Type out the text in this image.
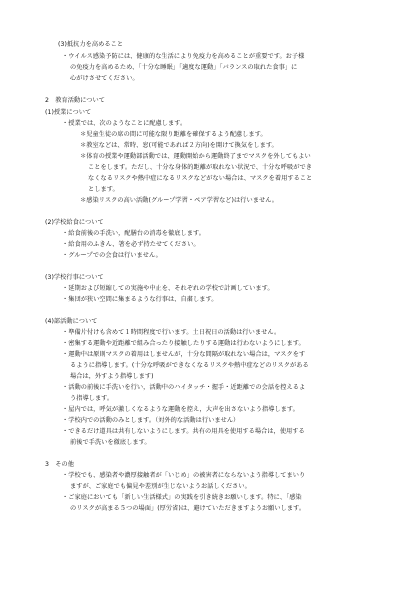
(3)抵抗力を高めること
・ウイルス感染予防には、健康的な生活により免疫力を高めることが重要です。お子様
の免疫力を高めるため、「十分な睡眠」「適度な運動」「バランスの取れた食事」に
心がけさせてください。
2　教育活動について
(1)授業について
・授業では、次のようなことに配慮します。
＊児童生徒の席の間に可能な限り距離を確保するよう配慮します。
＊教室などは、常時、窓(可能であれば２方向)を開けて換気をします。
＊体育の授業や運動部活動では、運動開始から運動終了までマスクを外してもよい
ことをします。ただし、十分な身体的距離が取れない状況で、十分な呼吸ができ
なくなるリスクや熱中症になるリスクなどがない場合は、マスクを着用すること
とします。
＊感染リスクの高い活動(グループ学習・ペア学習など)は行いません。
(2)学校給食について
・給食前後の手洗い，配膳台の消毒を徹底します。
・給食用のふきん、箸を必ず持たせてください。
・グループでの会食は行いません。
(3)学校行事について
・延期および短縮しての実施や中止を、それぞれの学校で計画しています。
・集団が狭い空間に集まるような行事は、自粛します。
(4)部活動について
・準備片付けも含めて１時間程度で行います。土日祝日の活動は行いません。
・密集する運動や近距離で組み合ったり接触したりする運動は行わないようにします。
・運動中は原則マスクの着用はしませんが，十分な間隔が取れない場合は，マスクをす
るように指導します。(十分な呼吸ができなくなるリスクや熱中症などのリスクがある
場合は，外すよう指導します)
・活動の前後に手洗いを行い，活動中のハイタッチ・握手・近距離での会話を控えるよ
う指導します。
・屋内では，呼気が激しくなるような運動を控え，大声を出さないよう指導します。
・学校内での活動のみとします。（対外的な活動は行いません）
・できるだけ道具は共有しないようにします。共有の用具を使用する場合は，使用する
前後で手洗いを徹底します。
3　その他
・学校でも、感染者や濃厚接触者が「いじめ」の被害者にならないよう指導してまいり
ますが、ご家庭でも偏見や差別が生じないようお話しください。
・ご家庭においても「新しい生活様式」の実践を引き続きお願いします。特に、「感染
のリスクが高まる５つの場面」(厚労省)は、避けていただきますようお願いします。
